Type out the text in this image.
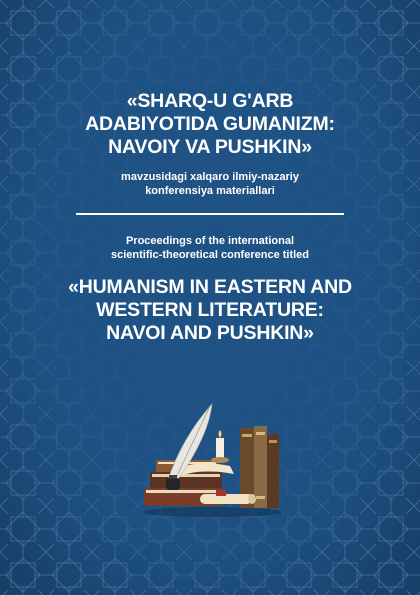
«SHARQ-U G'ARB
ADABIYOTIDA GUMANIZM:
NAVOIY VA PUSHKIN»
mavzusidagi xalqaro ilmiy-nazariy
konferensiya materiallari
Proceedings of the international
scientific-theoretical conference titled
«HUMANISM IN EASTERN AND
WESTERN LITERATURE:
NAVOI AND PUSHKIN»
